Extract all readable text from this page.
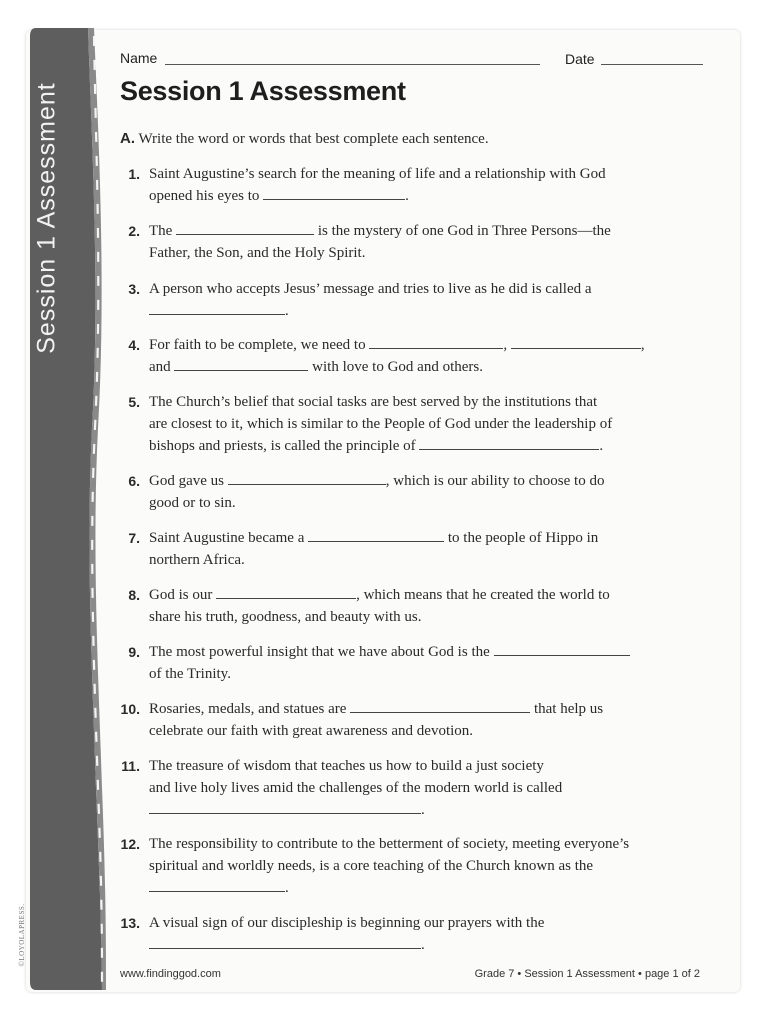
Session 1 Assessment
©LOYOLAPRESS.
Name	Date
Session 1 Assessment
A. Write the word or words that best complete each sentence.
1. Saint Augustine’s search for the meaning of life and a relationship with God
opened his eyes to	.
2. The	is the mystery of one God in Three Persons—the
Father, the Son, and the Holy Spirit.
3. A person who accepts Jesus’ message and tries to live as he did is called a
.
4. For faith to be complete, we need to	,	,
and	with love to God and others.
5. The Church’s belief that social tasks are best served by the institutions that
are closest to it, which is similar to the People of God under the leadership of
bishops and priests, is called the principle of	.
6. God gave us	, which is our ability to choose to do
good or to sin.
7. Saint Augustine became a	to the people of Hippo in
northern Africa.
8. God is our	, which means that he created the world to
share his truth, goodness, and beauty with us.
9. The most powerful insight that we have about God is the
of the Trinity.
10. Rosaries, medals, and statues are	that help us
celebrate our faith with great awareness and devotion.
11. The treasure of wisdom that teaches us how to build a just society
and live holy lives amid the challenges of the modern world is called
.
12. The responsibility to contribute to the betterment of society, meeting everyone’s
spiritual and worldly needs, is a core teaching of the Church known as the
.
13. A visual sign of our discipleship is beginning our prayers with the
.
www.findinggod.com	Grade 7 • Session 1 Assessment • page 1 of 2
